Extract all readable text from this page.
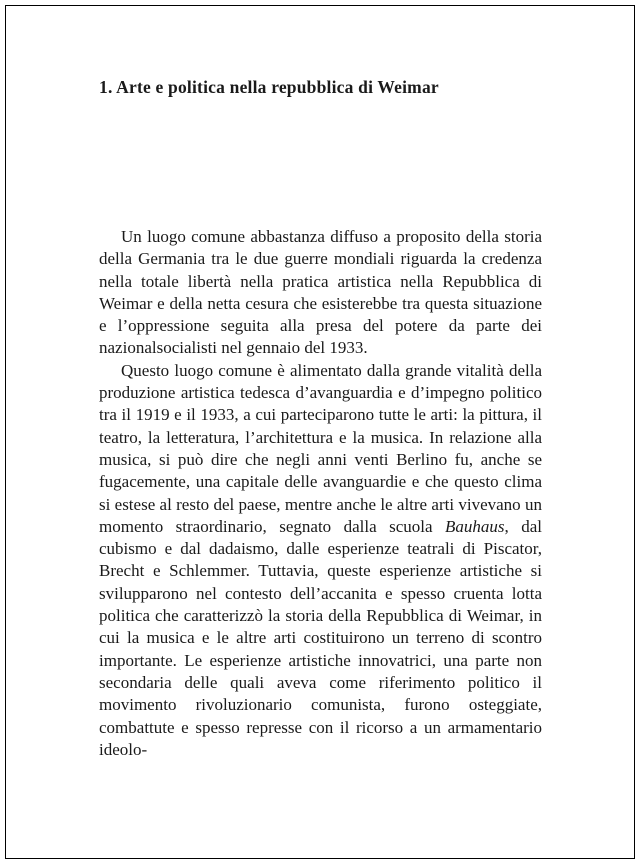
1. Arte e politica nella repubblica di Weimar

Un luogo comune abbastanza diffuso a proposito della storia della Germania tra le due guerre mondiali riguarda la credenza nella totale libertà nella pratica artistica nella Repubblica di Weimar e della netta cesura che esisterebbe tra questa situazione e l’oppressione seguita alla presa del potere da parte dei nazionalsocialisti nel gennaio del 1933.

Questo luogo comune è alimentato dalla grande vitalità della produzione artistica tedesca d’avanguardia e d’impegno politico tra il 1919 e il 1933, a cui parteciparono tutte le arti: la pittura, il teatro, la letteratura, l’architettura e la musica. In relazione alla musica, si può dire che negli anni venti Berlino fu, anche se fugacemente, una capitale delle avanguardie e che questo clima si estese al resto del paese, mentre anche le altre arti vivevano un momento straordinario, segnato dalla scuola Bauhaus, dal cubismo e dal dadaismo, dalle esperienze teatrali di Piscator, Brecht e Schlemmer. Tuttavia, queste esperienze artistiche si svilupparono nel contesto dell’accanita e spesso cruenta lotta politica che caratterizzò la storia della Repubblica di Weimar, in cui la musica e le altre arti costituirono un terreno di scontro importante. Le esperienze artistiche innovatrici, una parte non secondaria delle quali aveva come riferimento politico il movimento rivoluzionario comunista, furono osteggiate, combattute e spesso represse con il ricorso a un armamentario ideolo-
